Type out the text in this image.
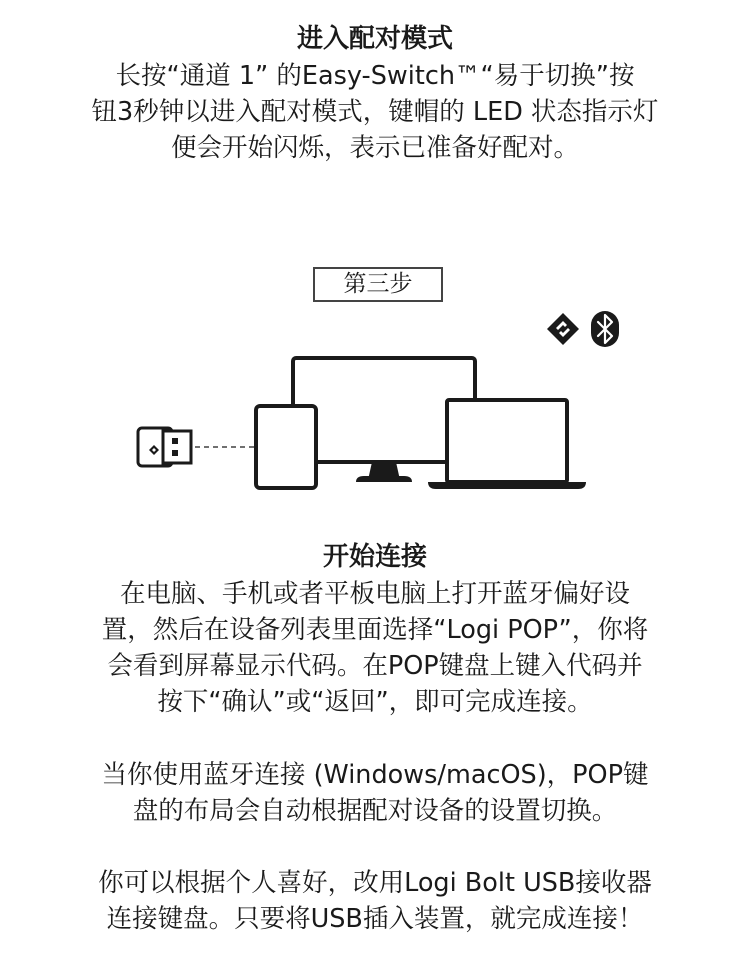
进入配对模式

长按“通道 1” 的Easy-Switch™“易于切换”按
钮3秒钟以进入配对模式，键帽的 LED 状态指示灯
便会开始闪烁，表示已准备好配对。

第三步

开始连接

在电脑、手机或者平板电脑上打开蓝牙偏好设
置，然后在设备列表里面选择“Logi POP”，你将
会看到屏幕显示代码。在POP键盘上键入代码并
按下“确认”或“返回”，即可完成连接。

当你使用蓝牙连接 (Windows/macOS)，POP键
盘的布局会自动根据配对设备的设置切换。

你可以根据个人喜好，改用Logi Bolt USB接收器
连接键盘。只要将USB插入装置，就完成连接！
